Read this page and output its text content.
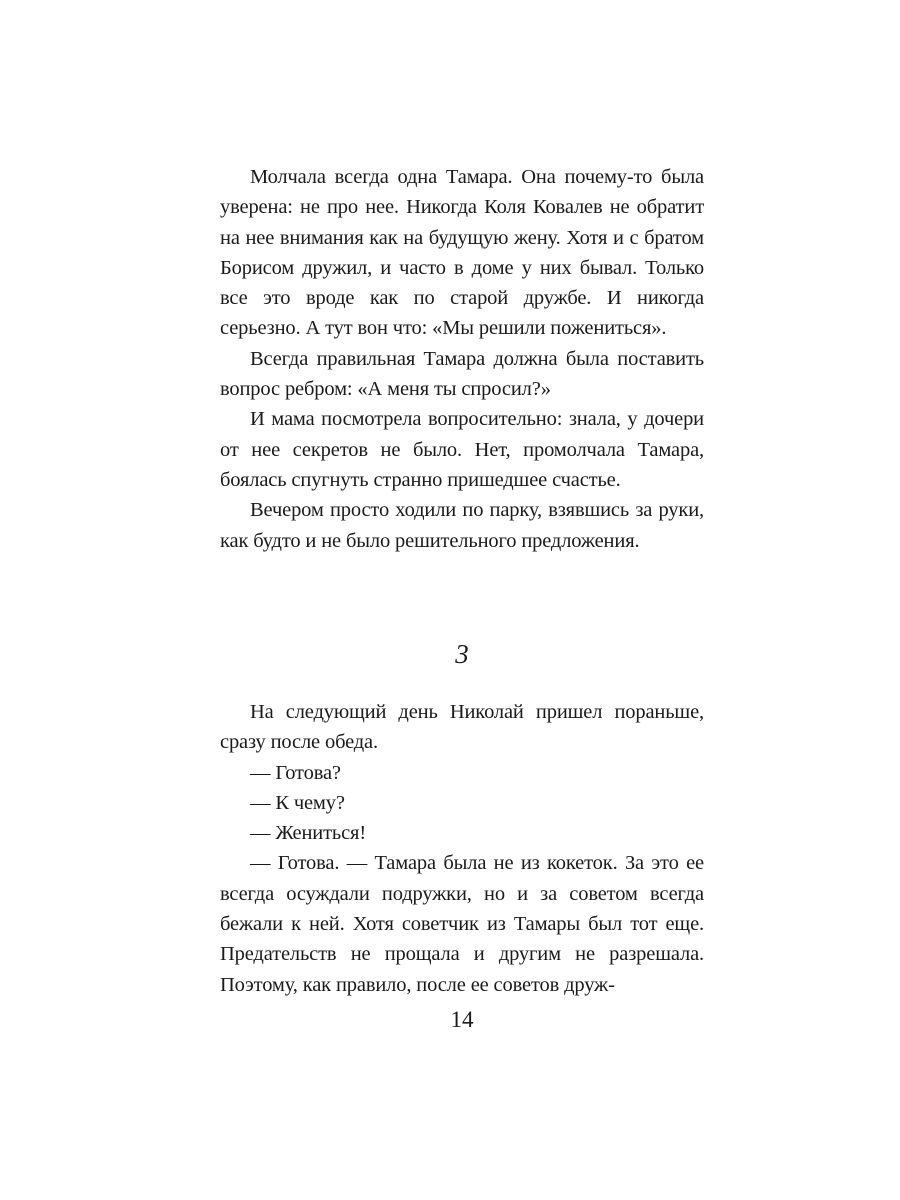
Молчала всегда одна Тамара. Она почему-то была уверена: не про нее. Никогда Коля Ковалев не обратит на нее внимания как на будущую жену. Хотя и с братом Борисом дружил, и часто в доме у них бывал. Только все это вроде как по старой дружбе. И никогда серьезно. А тут вон что: «Мы решили пожениться».

Всегда правильная Тамара должна была поставить вопрос ребром: «А меня ты спросил?»

И мама посмотрела вопросительно: знала, у дочери от нее секретов не было. Нет, промолчала Тамара, боялась спугнуть странно пришедшее счастье.

Вечером просто ходили по парку, взявшись за руки, как будто и не было решительного предложения.

3

На следующий день Николай пришел пораньше, сразу после обеда.

— Готова?

— К чему?

— Жениться!

— Готова. — Тамара была не из кокеток. За это ее всегда осуждали подружки, но и за советом всегда бежали к ней. Хотя советчик из Тамары был тот еще. Предательств не прощала и другим не разрешала. Поэтому, как правило, после ее советов друж-

14
